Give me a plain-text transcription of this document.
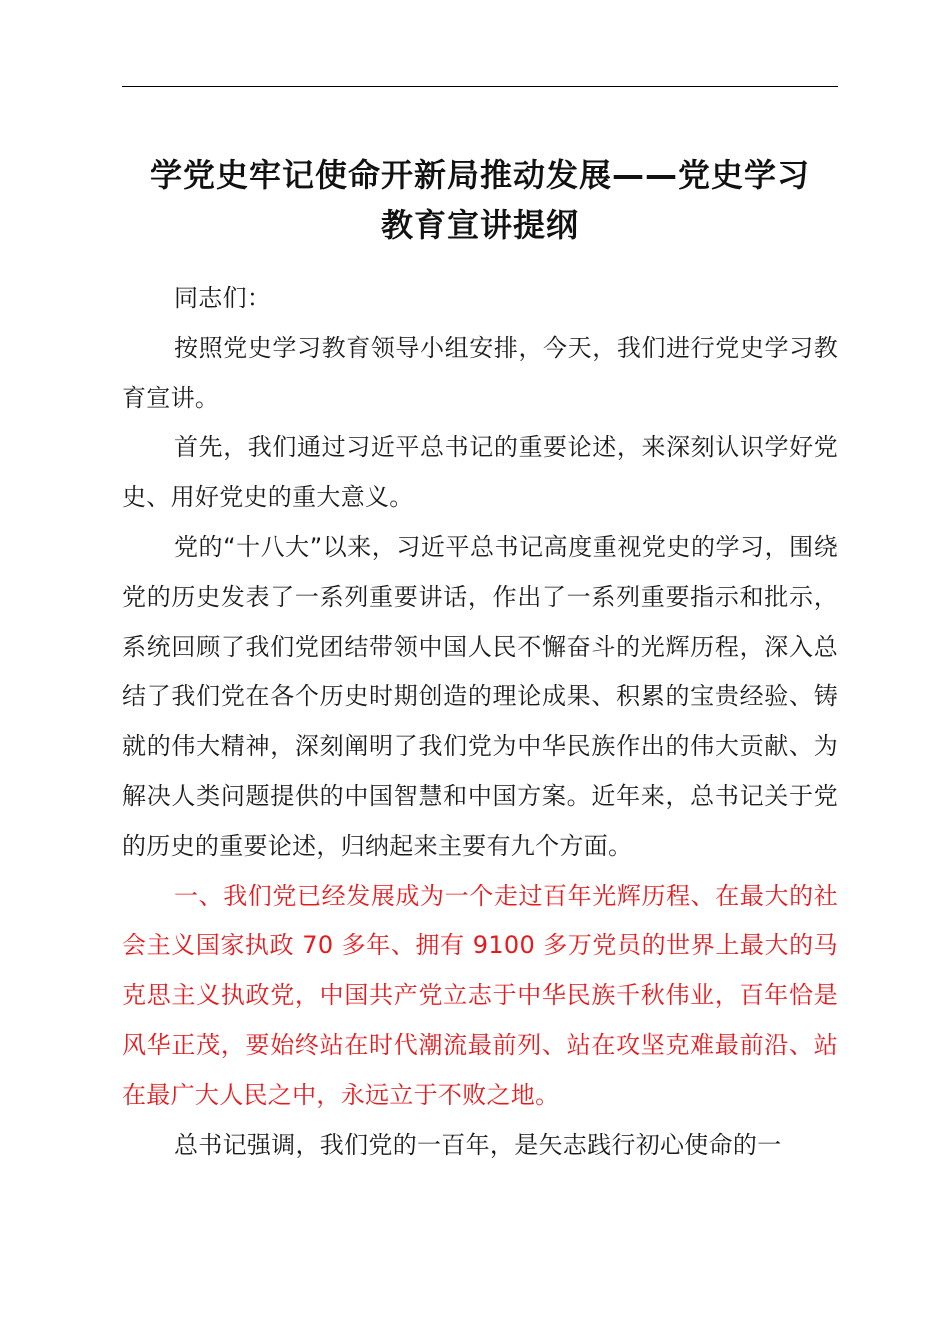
学党史牢记使命开新局推动发展——党史学习
教育宣讲提纲

同志们：

按照党史学习教育领导小组安排，今天，我们进行党史学习教育宣讲。

首先，我们通过习近平总书记的重要论述，来深刻认识学好党史、用好党史的重大意义。

党的“十八大”以来，习近平总书记高度重视党史的学习，围绕党的历史发表了一系列重要讲话，作出了一系列重要指示和批示，系统回顾了我们党团结带领中国人民不懈奋斗的光辉历程，深入总结了我们党在各个历史时期创造的理论成果、积累的宝贵经验、铸就的伟大精神，深刻阐明了我们党为中华民族作出的伟大贡献、为解决人类问题提供的中国智慧和中国方案。近年来，总书记关于党的历史的重要论述，归纳起来主要有九个方面。

一、我们党已经发展成为一个走过百年光辉历程、在最大的社会主义国家执政 70 多年、拥有 9100 多万党员的世界上最大的马克思主义执政党，中国共产党立志于中华民族千秋伟业，百年恰是风华正茂，要始终站在时代潮流最前列、站在攻坚克难最前沿、站在最广大人民之中，永远立于不败之地。

总书记强调，我们党的一百年，是矢志践行初心使命的一
